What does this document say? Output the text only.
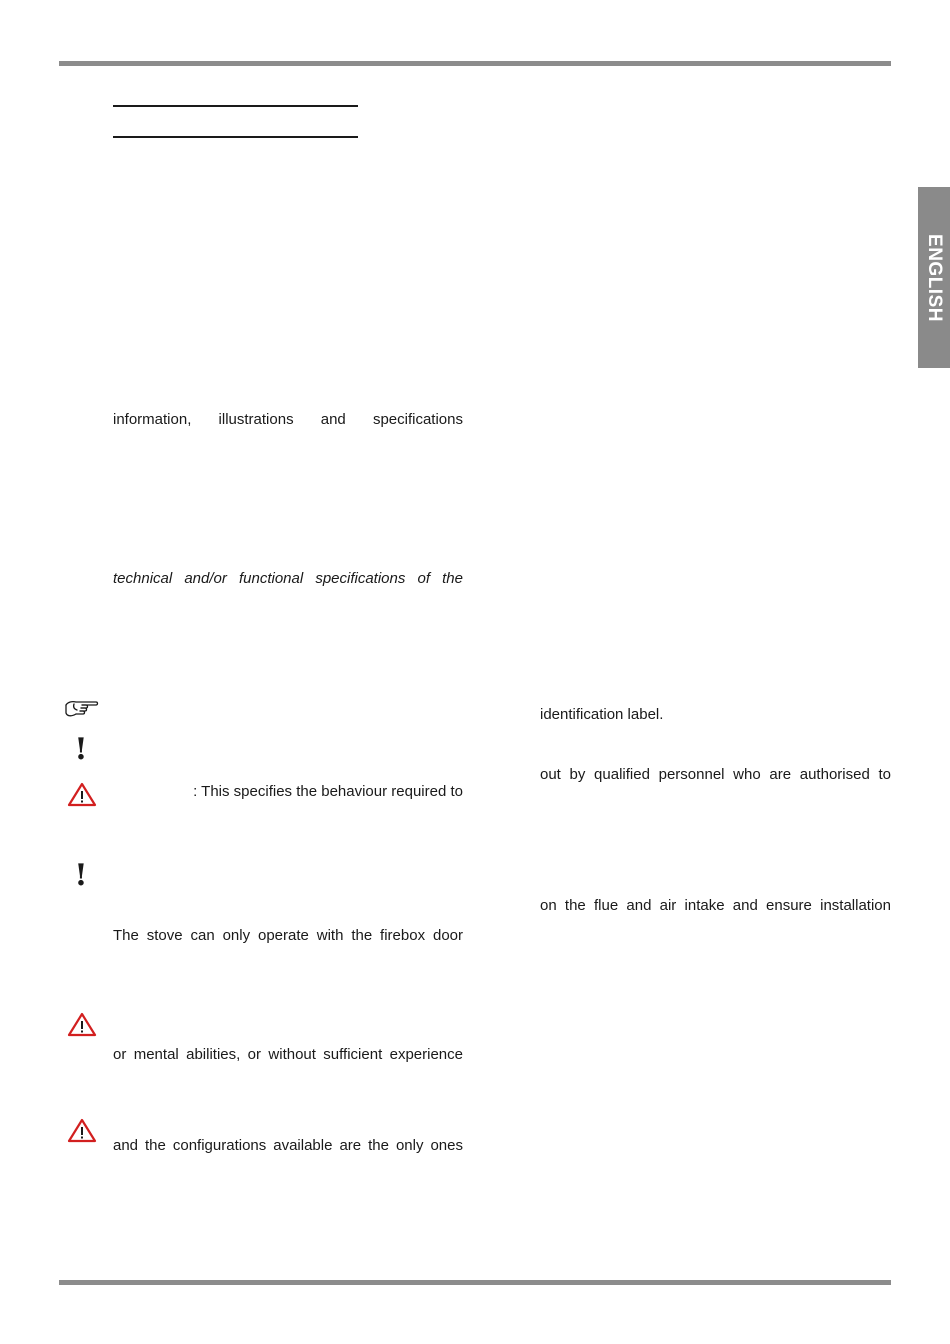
ENGLISH
information, illustrations and specifications
technical and/or functional specifications of the
: This specifies the behaviour required to
The stove can only operate with the firebox door
or mental abilities, or without sufficient experience
and the configurations available are the only ones
identification label.
out by qualified personnel who are authorised to
on the flue and air intake and ensure installation
!
!
